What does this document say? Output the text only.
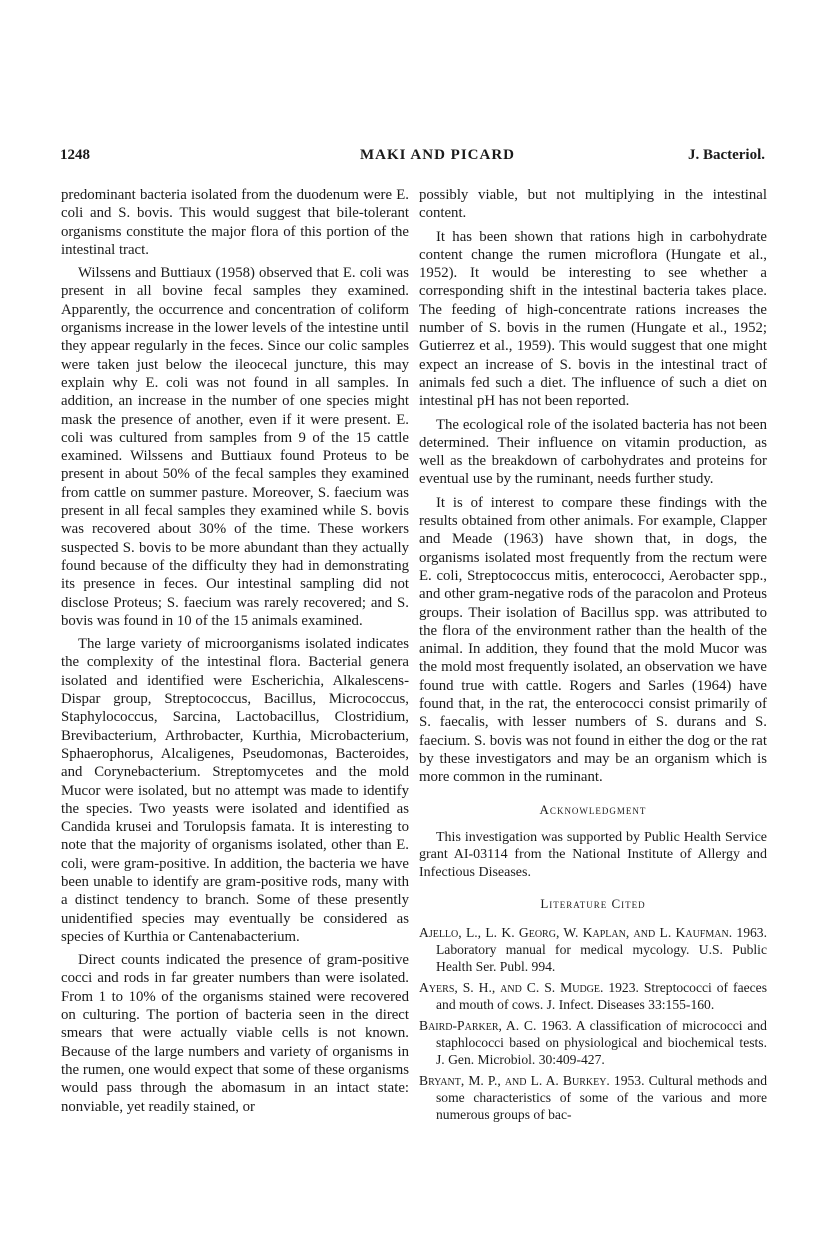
1248	MAKI AND PICARD	J. Bacteriol.

predominant bacteria isolated from the duodenum were E. coli and S. bovis. This would suggest that bile-tolerant organisms constitute the major flora of this portion of the intestinal tract.

Wilssens and Buttiaux (1958) observed that E. coli was present in all bovine fecal samples they examined. Apparently, the occurrence and concentration of coliform organisms increase in the lower levels of the intestine until they appear regularly in the feces. Since our colic samples were taken just below the ileocecal juncture, this may explain why E. coli was not found in all samples. In addition, an increase in the number of one species might mask the presence of another, even if it were present. E. coli was cultured from samples from 9 of the 15 cattle examined. Wilssens and Buttiaux found Proteus to be present in about 50% of the fecal samples they examined from cattle on summer pasture. Moreover, S. faecium was present in all fecal samples they examined while S. bovis was recovered about 30% of the time. These workers suspected S. bovis to be more abundant than they actually found because of the difficulty they had in demonstrating its presence in feces. Our intestinal sampling did not disclose Proteus; S. faecium was rarely recovered; and S. bovis was found in 10 of the 15 animals examined.

The large variety of microorganisms isolated indicates the complexity of the intestinal flora. Bacterial genera isolated and identified were Escherichia, Alkalescens-Dispar group, Streptococcus, Bacillus, Micrococcus, Staphylococcus, Sarcina, Lactobacillus, Clostridium, Brevibacterium, Arthrobacter, Kurthia, Microbacterium, Sphaerophorus, Alcaligenes, Pseudomonas, Bacteroides, and Corynebacterium. Streptomycetes and the mold Mucor were isolated, but no attempt was made to identify the species. Two yeasts were isolated and identified as Candida krusei and Torulopsis famata. It is interesting to note that the majority of organisms isolated, other than E. coli, were gram-positive. In addition, the bacteria we have been unable to identify are gram-positive rods, many with a distinct tendency to branch. Some of these presently unidentified species may eventually be considered as species of Kurthia or Cantenabacterium.

Direct counts indicated the presence of gram-positive cocci and rods in far greater numbers than were isolated. From 1 to 10% of the organisms stained were recovered on culturing. The portion of bacteria seen in the direct smears that were actually viable cells is not known. Because of the large numbers and variety of organisms in the rumen, one would expect that some of these organisms would pass through the abomasum in an intact state: nonviable, yet readily stained, or

possibly viable, but not multiplying in the intestinal content.

It has been shown that rations high in carbohydrate content change the rumen microflora (Hungate et al., 1952). It would be interesting to see whether a corresponding shift in the intestinal bacteria takes place. The feeding of high-concentrate rations increases the number of S. bovis in the rumen (Hungate et al., 1952; Gutierrez et al., 1959). This would suggest that one might expect an increase of S. bovis in the intestinal tract of animals fed such a diet. The influence of such a diet on intestinal pH has not been reported.

The ecological role of the isolated bacteria has not been determined. Their influence on vitamin production, as well as the breakdown of carbohydrates and proteins for eventual use by the ruminant, needs further study.

It is of interest to compare these findings with the results obtained from other animals. For example, Clapper and Meade (1963) have shown that, in dogs, the organisms isolated most frequently from the rectum were E. coli, Streptococcus mitis, enterococci, Aerobacter spp., and other gram-negative rods of the paracolon and Proteus groups. Their isolation of Bacillus spp. was attributed to the flora of the environment rather than the health of the animal. In addition, they found that the mold Mucor was the mold most frequently isolated, an observation we have found true with cattle. Rogers and Sarles (1964) have found that, in the rat, the enterococci consist primarily of S. faecalis, with lesser numbers of S. durans and S. faecium. S. bovis was not found in either the dog or the rat by these investigators and may be an organism which is more common in the ruminant.

Acknowledgment

This investigation was supported by Public Health Service grant AI-03114 from the National Institute of Allergy and Infectious Diseases.

Literature Cited
Ajello, L., L. K. Georg, W. Kaplan, and L. Kaufman. 1963. Laboratory manual for medical mycology. U.S. Public Health Ser. Publ. 994.
Ayers, S. H., and C. S. Mudge. 1923. Streptococci of faeces and mouth of cows. J. Infect. Diseases 33:155-160.
Baird-Parker, A. C. 1963. A classification of micrococci and staphlococci based on physiological and biochemical tests. J. Gen. Microbiol. 30:409-427.
Bryant, M. P., and L. A. Burkey. 1953. Cultural methods and some characteristics of some of the various and more numerous groups of bac-
